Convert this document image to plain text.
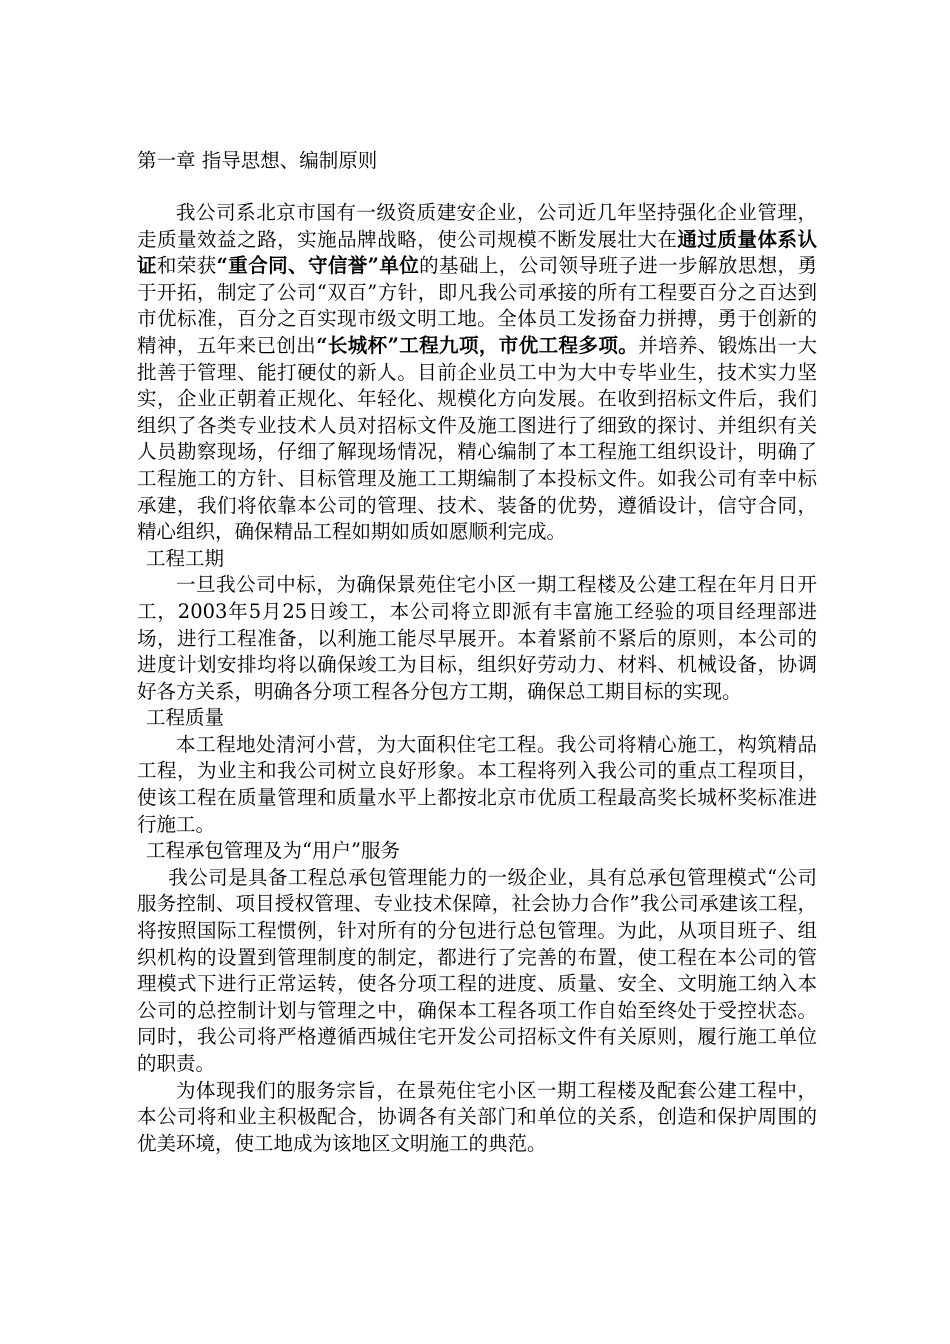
第一章 指导思想、编制原则

我公司系北京市国有一级资质建安企业，公司近几年坚持强化企业管理，走质量效益之路，实施品牌战略，使公司规模不断发展壮大在通过质量体系认证和荣获“重合同、守信誉”单位的基础上，公司领导班子进一步解放思想，勇于开拓，制定了公司“双百”方针，即凡我公司承接的所有工程要百分之百达到市优标准，百分之百实现市级文明工地。全体员工发扬奋力拼搏，勇于创新的精神，五年来已创出“长城杯”工程九项，市优工程多项。并培养、锻炼出一大批善于管理、能打硬仗的新人。目前企业员工中为大中专毕业生，技术实力坚实，企业正朝着正规化、年轻化、规模化方向发展。在收到招标文件后，我们组织了各类专业技术人员对招标文件及施工图进行了细致的探讨、并组织有关人员勘察现场，仔细了解现场情况，精心编制了本工程施工组织设计，明确了工程施工的方针、目标管理及施工工期编制了本投标文件。如我公司有幸中标承建，我们将依靠本公司的管理、技术、装备的优势，遵循设计，信守合同，精心组织，确保精品工程如期如质如愿顺利完成。

工程工期

一旦我公司中标，为确保景苑住宅小区一期工程楼及公建工程在年月日开工，2003年5月25日竣工，本公司将立即派有丰富施工经验的项目经理部进场，进行工程准备，以利施工能尽早展开。本着紧前不紧后的原则，本公司的进度计划安排均将以确保竣工为目标，组织好劳动力、材料、机械设备，协调好各方关系，明确各分项工程各分包方工期，确保总工期目标的实现。

工程质量

本工程地处清河小营，为大面积住宅工程。我公司将精心施工，构筑精品工程，为业主和我公司树立良好形象。本工程将列入我公司的重点工程项目，使该工程在质量管理和质量水平上都按北京市优质工程最高奖长城杯奖标准进行施工。

工程承包管理及为“用户”服务

我公司是具备工程总承包管理能力的一级企业，具有总承包管理模式“公司服务控制、项目授权管理、专业技术保障，社会协力合作”我公司承建该工程，将按照国际工程惯例，针对所有的分包进行总包管理。为此，从项目班子、组织机构的设置到管理制度的制定，都进行了完善的布置，使工程在本公司的管理模式下进行正常运转，使各分项工程的进度、质量、安全、文明施工纳入本公司的总控制计划与管理之中，确保本工程各项工作自始至终处于受控状态。同时，我公司将严格遵循西城住宅开发公司招标文件有关原则，履行施工单位的职责。

为体现我们的服务宗旨，在景苑住宅小区一期工程楼及配套公建工程中，本公司将和业主积极配合，协调各有关部门和单位的关系，创造和保护周围的优美环境，使工地成为该地区文明施工的典范。
